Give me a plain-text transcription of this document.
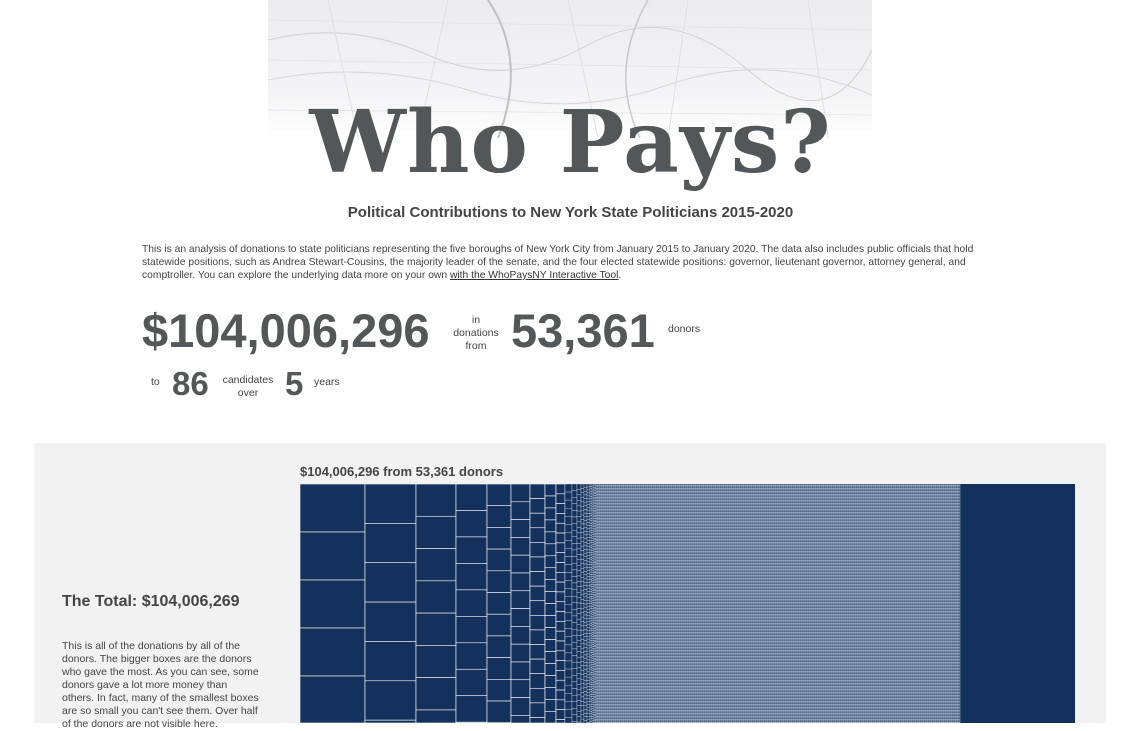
Who Pays?
Political Contributions to New York State Politicians 2015-2020

This is an analysis of donations to state politicians representing the five boroughs of New York City from January 2015 to January 2020. The data also includes public officials that hold statewide positions, such as Andrea Stewart-Cousins, the majority leader of the senate, and the four elected statewide positions: governor, lieutenant governor, attorney general, and comptroller. You can explore the underlying data more on your own with the WhoPaysNY Interactive Tool.

$104,006,296	in
donations
from 53,361 donors

to 86 candidates
over 5 years

The Total: $104,006,269

This is all of the donations by all of the donors. The bigger boxes are the donors who gave the most. As you can see, some donors gave a lot more money than others. In fact, many of the smallest boxes are so small you can't see them. Over half of the donors are not visible here.

$104,006,296 from 53,361 donors
